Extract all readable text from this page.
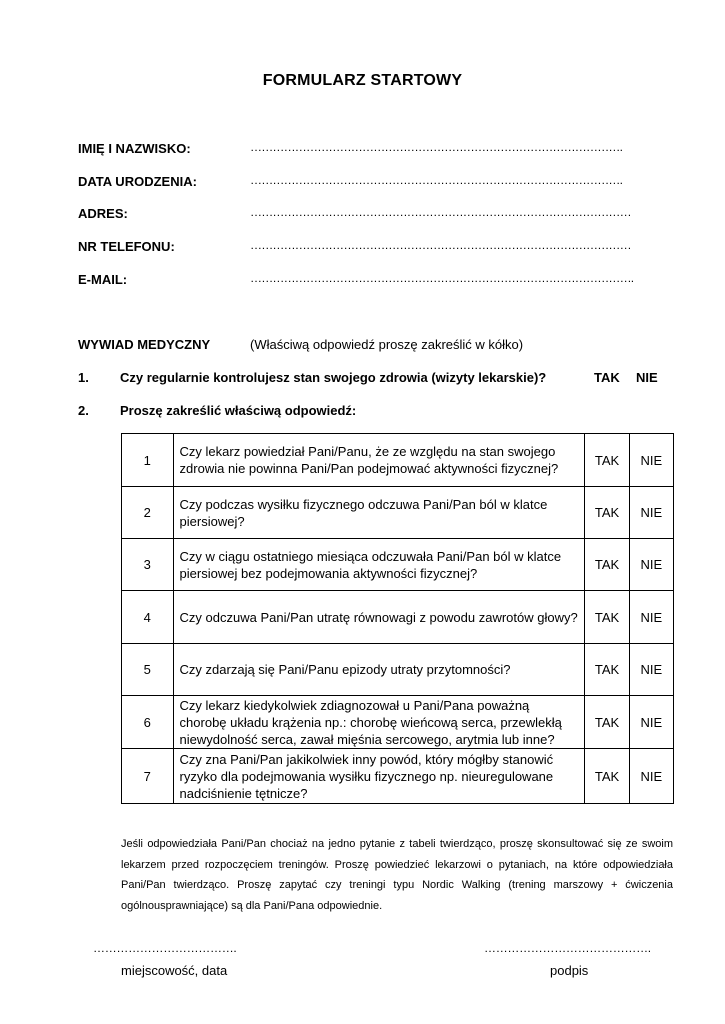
FORMULARZ STARTOWY
IMIĘ I NAZWISKO:	……………………………………………………………………………………….
DATA URODZENIA:	……………………………………………………………………………………….
ADRES:	…………………………………………………………………………………………
NR TELEFONU:	…………………………………………………………………………………………
E-MAIL:	………………………………………………………………………………………….
WYWIAD MEDYCZNY	(Właściwą odpowiedź proszę zakreślić w kółko)
1. Czy regularnie kontrolujesz stan swojego zdrowia (wizyty lekarskie)?	TAK NIE
2. Proszę zakreślić właściwą odpowiedź:
1	Czy lekarz powiedział Pani/Panu, że ze względu na stan swojego zdrowia nie powinna Pani/Pan podejmować aktywności fizycznej?	TAK	NIE
2	Czy podczas wysiłku fizycznego odczuwa Pani/Pan ból w klatce piersiowej?	TAK	NIE
3	Czy w ciągu ostatniego miesiąca odczuwała Pani/Pan ból w klatce piersiowej bez podejmowania aktywności fizycznej?	TAK	NIE
4	Czy odczuwa Pani/Pan utratę równowagi z powodu zawrotów głowy?	TAK	NIE
5	Czy zdarzają się Pani/Panu epizody utraty przytomności?	TAK	NIE
6	Czy lekarz kiedykolwiek zdiagnozował u Pani/Pana poważną chorobę układu krążenia np.: chorobę wieńcową serca, przewlekłą niewydolność serca, zawał mięśnia sercowego, arytmia lub inne?	TAK	NIE
7	Czy zna Pani/Pan jakikolwiek inny powód, który mógłby stanowić ryzyko dla podejmowania wysiłku fizycznego np. nieuregulowane nadciśnienie tętnicze?	TAK	NIE
Jeśli odpowiedziała Pani/Pan chociaż na jedno pytanie z tabeli twierdząco, proszę skonsultować się ze swoim lekarzem przed rozpoczęciem treningów. Proszę powiedzieć lekarzowi o pytaniach, na które odpowiedziała Pani/Pan twierdząco. Proszę zapytać czy treningi typu Nordic Walking (trening marszowy + ćwiczenia ogólnousprawniające) są dla Pani/Pana odpowiednie.
……………………………….
miejscowość, data
…………………………………….
podpis
